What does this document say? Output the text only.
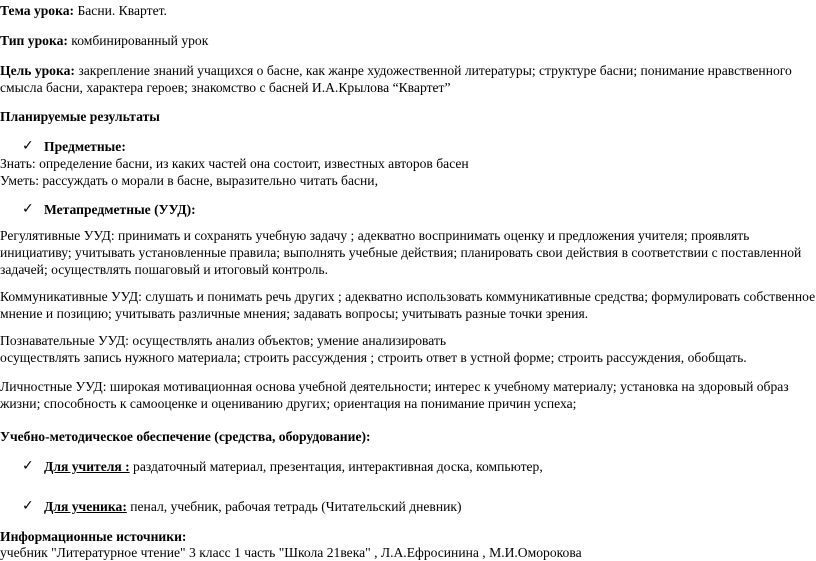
Тема урока: Басни. Квартет.
Тип урока: комбинированный урок
Цель урока: закрепление знаний учащихся о басне, как жанре художественной литературы; структуре басни; понимание нравственного
смысла басни, характера героев; знакомство с басней И.А.Крылова “Квартет”
Планируемые результаты
✓ Предметные:
Знать: определение басни, из каких частей она состоит, известных авторов басен
Уметь: рассуждать о морали в басне, выразительно читать басни,
✓ Метапредметные (УУД):
Регулятивные УУД: принимать и сохранять учебную задачу ; адекватно воспринимать оценку и предложения учителя; проявлять
инициативу; учитывать установленные правила; выполнять учебные действия; планировать свои действия в соответствии с поставленной
задачей; осуществлять пошаговый и итоговый контроль.
Коммуникативные УУД: слушать и понимать речь других ; адекватно использовать коммуникативные средства; формулировать собственное
мнение и позицию; учитывать различные мнения; задавать вопросы; учитывать разные точки зрения.
Познавательные УУД: осуществлять анализ объектов; умение анализировать
осуществлять запись нужного материала; строить рассуждения ; строить ответ в устной форме; строить рассуждения, обобщать.
Личностные УУД: широкая мотивационная основа учебной деятельности; интерес к учебному материалу; установка на здоровый образ
жизни; способность к самооценке и оцениванию других; ориентация на понимание причин успеха;
Учебно-методическое обеспечение (средства, оборудование):
✓ Для учителя : раздаточный материал, презентация, интерактивная доска, компьютер,
✓ Для ученика: пенал, учебник, рабочая тетрадь (Читательский дневник)
Информационные источники:
учебник "Литературное чтение" 3 класс 1 часть "Школа 21века" , Л.А.Ефросинина , М.И.Оморокова
